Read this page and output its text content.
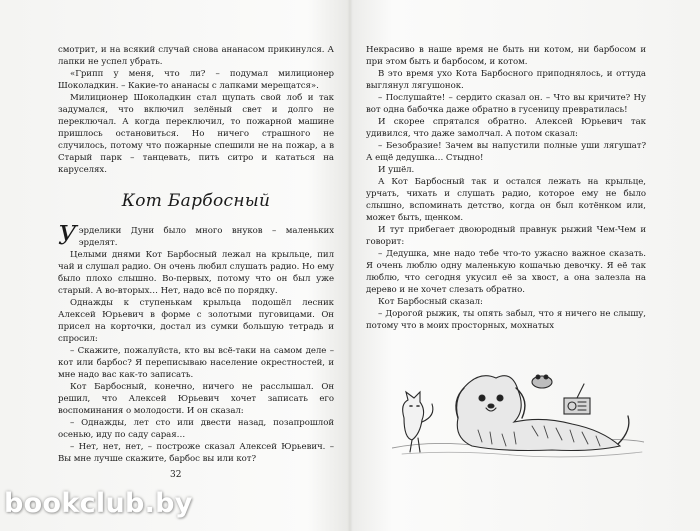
смотрит, и на всякий случай снова ананасом прикинулся. А лапки не успел убрать.

«Грипп у меня, что ли? – подумал милиционер Шоколадкин. – Какие-то ананасы с лапками мерещатся».

Милиционер Шоколадкин стал щупать свой лоб и так задумался, что включил зелёный свет и долго не переключал. А когда переключил, то пожарной машине пришлось остановиться. Но ничего страшного не случилось, потому что пожарные спешили не на пожар, а в Старый парк – танцевать, пить ситро и кататься на каруселях.

Кот Барбосный

У эрделики Дуни было много внуков – маленьких эрделят.

Целыми днями Кот Барбосный лежал на крыльце, пил чай и слушал радио. Он очень любил слушать радио. Но ему было плохо слышно. Во-первых, потому что он был уже старый. А во-вторых… Нет, надо всё по порядку.

Однажды к ступенькам крыльца подошёл лесник Алексей Юрьевич в форме с золотыми пуговицами. Он присел на корточки, достал из сумки большую тетрадь и спросил:

– Скажите, пожалуйста, кто вы всё-таки на самом деле – кот или барбос? Я переписываю население окрестностей, и мне надо вас как-то записать.

Кот Барбосный, конечно, ничего не расслышал. Он решил, что Алексей Юрьевич хочет записать его воспоминания о молодости. И он сказал:

– Однажды, лет сто или двести назад, позапрошлой осенью, иду по саду сарая…

– Нет, нет, нет, – построже сказал Алексей Юрьевич. – Вы мне лучше скажите, барбос вы или кот?

32

Некрасиво в наше время не быть ни котом, ни барбосом и при этом быть и барбосом, и котом.

В это время ухо Кота Барбосного приподнялось, и оттуда выглянул лягушонок.

– Послушайте! – сердито сказал он. – Что вы кричите? Ну вот одна бабочка даже обратно в гусеницу превратилась!

И скорее спрятался обратно. Алексей Юрьевич так удивился, что даже замолчал. А потом сказал:

– Безобразие! Зачем вы напустили полные уши лягушат? А ещё дедушка… Стыдно!

И ушёл.

А Кот Барбосный так и остался лежать на крыльце, урчать, чихать и слушать радио, которое ему не было слышно, вспоминать детство, когда он был котёнком или, может быть, щенком.

И тут прибегает двоюродный правнук рыжий Чем-Чем и говорит:

– Дедушка, мне надо тебе что-то ужасно важное сказать. Я очень люблю одну маленькую кошачью девочку. Я её так люблю, что сегодня укусил её за хвост, а она залезла на дерево и не хочет слезать обратно.

Кот Барбосный сказал:

– Дорогой рыжик, ты опять забыл, что я ничего не слышу, потому что в моих просторных, мохнатых

bookclub.by
